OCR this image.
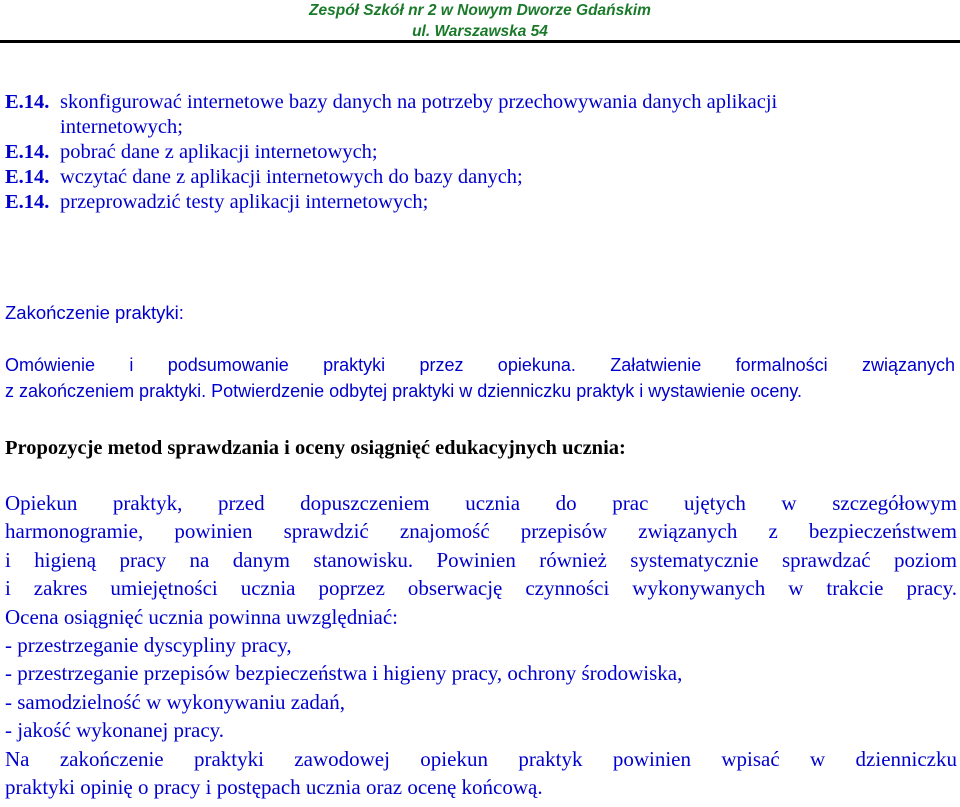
Zespół Szkół nr 2 w Nowym Dworze Gdańskim
ul. Warszawska 54
E.14. skonfigurować internetowe bazy danych na potrzeby przechowywania danych aplikacji
internetowych;
E.14. pobrać dane z aplikacji internetowych;
E.14. wczytać dane z aplikacji internetowych do bazy danych;
E.14. przeprowadzić testy aplikacji internetowych;
Zakończenie praktyki:
Omówienie i podsumowanie praktyki przez opiekuna. Załatwienie formalności związanych
z zakończeniem praktyki. Potwierdzenie odbytej praktyki w dzienniczku praktyk i wystawienie oceny.
Propozycje metod sprawdzania i oceny osiągnięć edukacyjnych ucznia:
Opiekun praktyk, przed dopuszczeniem ucznia do prac ujętych w szczegółowym
harmonogramie, powinien sprawdzić znajomość przepisów związanych z bezpieczeństwem
i higieną pracy na danym stanowisku. Powinien również systematycznie sprawdzać poziom
i zakres umiejętności ucznia poprzez obserwację czynności wykonywanych w trakcie pracy.
Ocena osiągnięć ucznia powinna uwzględniać:
- przestrzeganie dyscypliny pracy,
- przestrzeganie przepisów bezpieczeństwa i higieny pracy, ochrony środowiska,
- samodzielność w wykonywaniu zadań,
- jakość wykonanej pracy.
Na zakończenie praktyki zawodowej opiekun praktyk powinien wpisać w dzienniczku
praktyki opinię o pracy i postępach ucznia oraz ocenę końcową.
